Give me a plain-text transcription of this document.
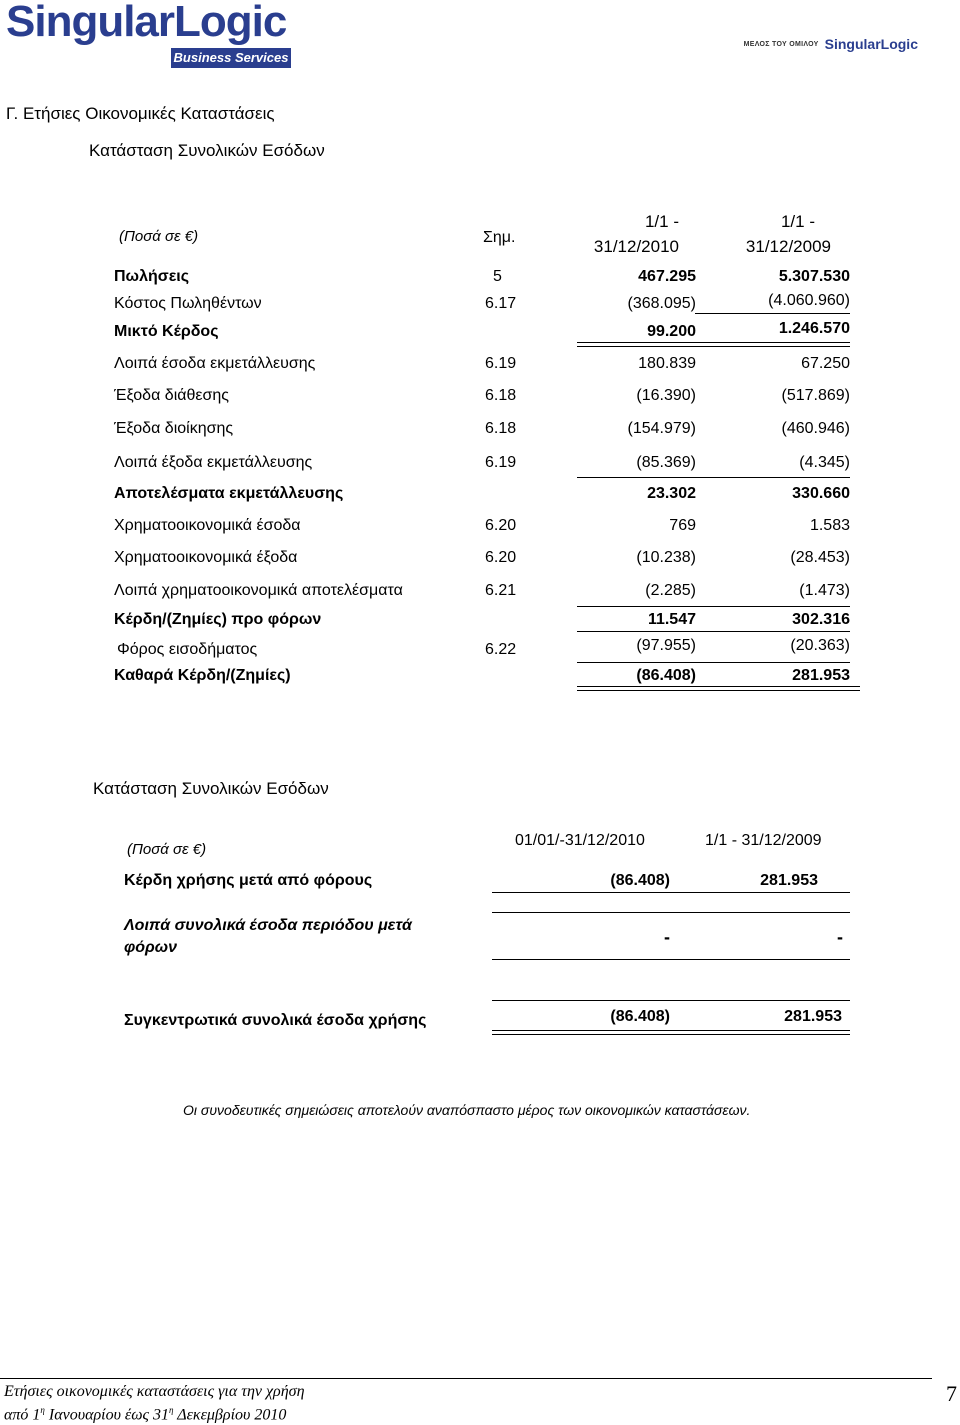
SingularLogic
Business Services
ΜΕΛΟΣ ΤΟΥ ΟΜΙΛΟΥ SingularLogic
Γ. Ετήσιες Οικονομικές Καταστάσεις
Κατάσταση Συνολικών Εσόδων
(Ποσά σε €)	Σημ.
1/1 -
31/12/2010
1/1 -
31/12/2009
Πωλήσεις	5	467.295	5.307.530
Κόστος Πωληθέντων	6.17	(368.095)	(4.060.960)
Μικτό Κέρδος	99.200	1.246.570
Λοιπά έσοδα εκμετάλλευσης	6.19	180.839	67.250
Έξοδα διάθεσης	6.18	(16.390)	(517.869)
Έξοδα διοίκησης	6.18	(154.979)	(460.946)
Λοιπά έξοδα εκμετάλλευσης	6.19	(85.369)	(4.345)
Αποτελέσματα εκμετάλλευσης	23.302	330.660
Χρηματοοικονομικά έσοδα	6.20	769	1.583
Χρηματοοικονομικά έξοδα	6.20	(10.238)	(28.453)
Λοιπά χρηματοοικονομικά αποτελέσματα	6.21	(2.285)	(1.473)
Κέρδη/(Ζημίες) προ φόρων	11.547	302.316
Φόρος εισοδήματος	6.22	(97.955)	(20.363)
Καθαρά Κέρδη/(Ζημίες)	(86.408)	281.953
Κατάσταση Συνολικών Εσόδων
(Ποσά σε €)
01/01/-31/12/2010	1/1 - 31/12/2009
Κέρδη χρήσης μετά από φόρους	(86.408)	281.953
Λοιπά συνολικά έσοδα περιόδου μετά
φόρων
-	-
Συγκεντρωτικά συνολικά έσοδα χρήσης	(86.408)	281.953
Οι συνοδευτικές σημειώσεις αποτελούν αναπόσπαστο μέρος των οικονομικών καταστάσεων.
Ετήσιες οικονομικές καταστάσεις για την χρήση
από $1^\eta$ Ιανουαρίου έως $31^\eta$ Δεκεμβρίου 2010
7
